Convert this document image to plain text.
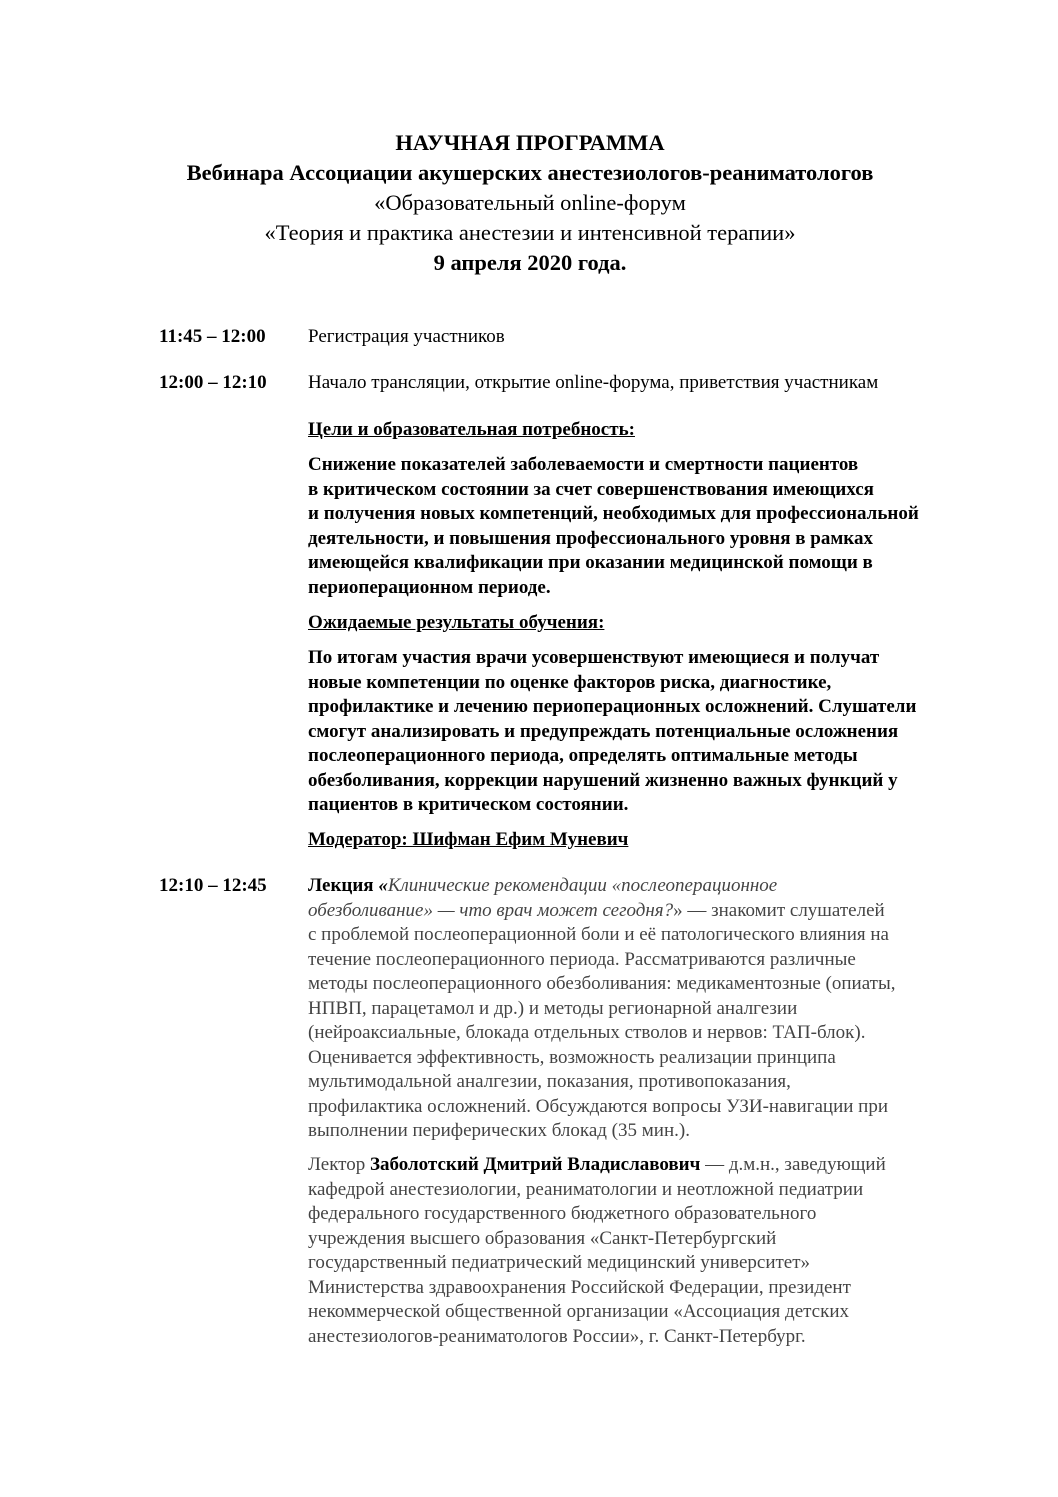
НАУЧНАЯ ПРОГРАММА
Вебинара Ассоциации акушерских анестезиологов-реаниматологов
«Образовательный online-форум
«Теория и практика анестезии и интенсивной терапии»
9 апреля 2020 года.
11:45 – 12:00	Регистрация участников
12:00 – 12:10	Начало трансляции, открытие online-форума, приветствия участникам
Цели и образовательная потребность:
Снижение показателей заболеваемости и смертности пациентов
в критическом состоянии за счет совершенствования имеющихся
и получения новых компетенций, необходимых для профессиональной
деятельности, и повышения профессионального уровня в рамках
имеющейся квалификации при оказании медицинской помощи в
периоперационном периоде.
Ожидаемые результаты обучения:
По итогам участия врачи усовершенствуют имеющиеся и получат
новые компетенции по оценке факторов риска, диагностике,
профилактике и лечению периоперационных осложнений. Слушатели
смогут анализировать и предупреждать потенциальные осложнения
послеоперационного периода, определять оптимальные методы
обезболивания, коррекции нарушений жизненно важных функций у
пациентов в критическом состоянии.
Модератор: Шифман Ефим Муневич
12:10 – 12:45	Лекция «Клинические рекомендации «послеоперационное
обезболивание» — что врач может сегодня?» — знакомит слушателей
с проблемой послеоперационной боли и её патологического влияния на
течение послеоперационного периода. Рассматриваются различные
методы послеоперационного обезболивания: медикаментозные (опиаты,
НПВП, парацетамол и др.) и методы регионарной аналгезии
(нейроаксиальные, блокада отдельных стволов и нервов: ТАП-блок).
Оценивается эффективность, возможность реализации принципа
мультимодальной аналгезии, показания, противопоказания,
профилактика осложнений. Обсуждаются вопросы УЗИ-навигации при
выполнении периферических блокад (35 мин.).
Лектор Заболотский Дмитрий Владиславович — д.м.н., заведующий
кафедрой анестезиологии, реаниматологии и неотложной педиатрии
федерального государственного бюджетного образовательного
учреждения высшего образования «Санкт-Петербургский
государственный педиатрический медицинский университет»
Министерства здравоохранения Российской Федерации, президент
некоммерческой общественной организации «Ассоциация детских
анестезиологов-реаниматологов России», г. Санкт-Петербург.
